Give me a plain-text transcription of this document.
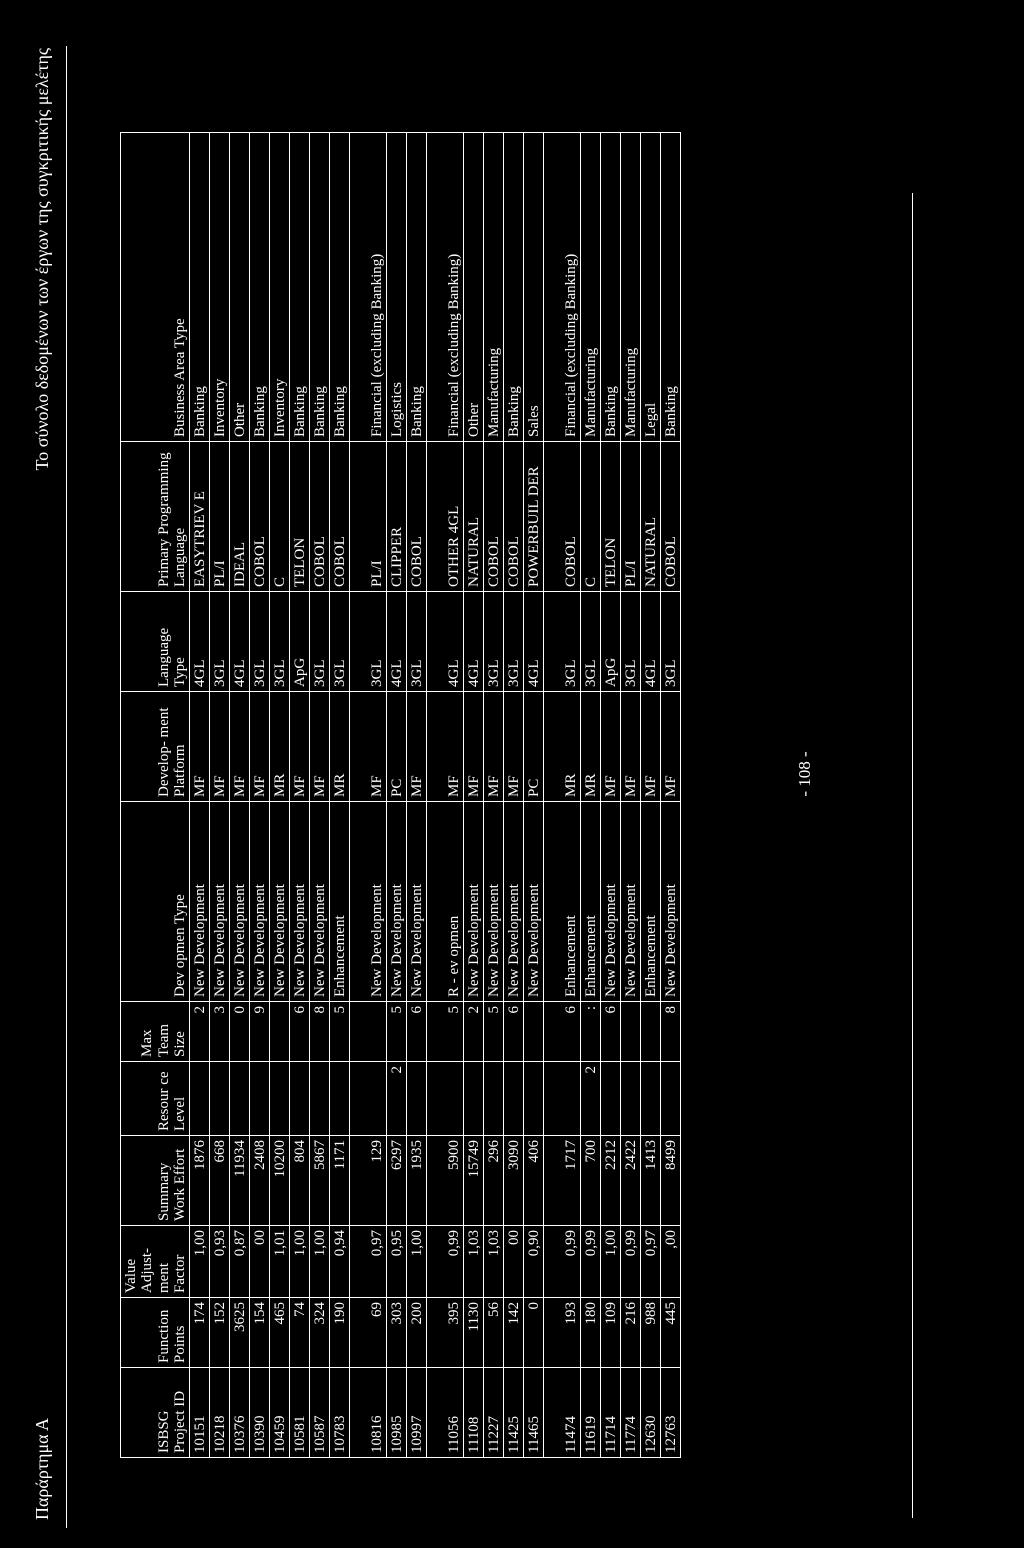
Παράρτημα Α
Το σύνολο δεδομένων των έργων της συγκριτικής μελέτης
ISBSG Project ID	Function Points	Value Adjust- ment Factor	Summary Work Effort	Resour ce Level	Max Team Size	Dev opmen Type	Develop- ment Platform	Language Type	Primary Programming Language	Business Area Type
10151	174	1,00	1876		2	New Development	MF	4GL	EASYTRIEV E	Banking
10218	152	0,93	668		3	New Development	MF	3GL	PL/I	Inventory
10376	3625	0,87	11934		0	New Development	MF	4GL	IDEAL	Other
10390	154	00	2408		9	New Development	MF	3GL	COBOL	Banking
10459	465	1,01	10200			New Development	MR	3GL	C	Inventory
10581	74	1,00	804		6	New Development	MF	ApG	TELON	Banking
10587	324	1,00	5867		8	New Development	MF	3GL	COBOL	Banking
10783	190	0,94	1171		5	Enhancement	MR	3GL	COBOL	Banking
10816	69	0,97	129			New Development	MF	3GL	PL/I	Financial (excluding Banking)
10985	303	0,95	6297	2	5	New Development	PC	4GL	CLIPPER	Logistics
10997	200	1,00	1935		6	New Development	MF	3GL	COBOL	Banking
11056	395	0,99	5900		5	R - ev opmen	MF	4GL	OTHER 4GL	Financial (excluding Banking)
11108	1130	1,03	15749		2	New Development	MF	4GL	NATURAL	Other
11227	56	1,03	296		5	New Development	MF	3GL	COBOL	Manufacturing
11425	142	00	3090		6	New Development	MF	3GL	COBOL	Banking
11465	0	0,90	406			New Development	PC	4GL	POWERBUIL DER	Sales
11474	193	0,99	1717		6	Enhancement	MR	3GL	COBOL	Financial (excluding Banking)
11619	180	0,99	700	2	:	Enhancement	MR	3GL	C	Manufacturing
11714	109	1,00	2212		6	New Development	MF	ApG	TELON	Banking
11774	216	0,99	2422			New Development	MF	3GL	PL/I	Manufacturing
12630	988	0,97	1413			Enhancement	MF	4GL	NATURAL	Legal
12763	445	,00	8499		8	New Development	MF	3GL	COBOL	Banking
- 108 -
